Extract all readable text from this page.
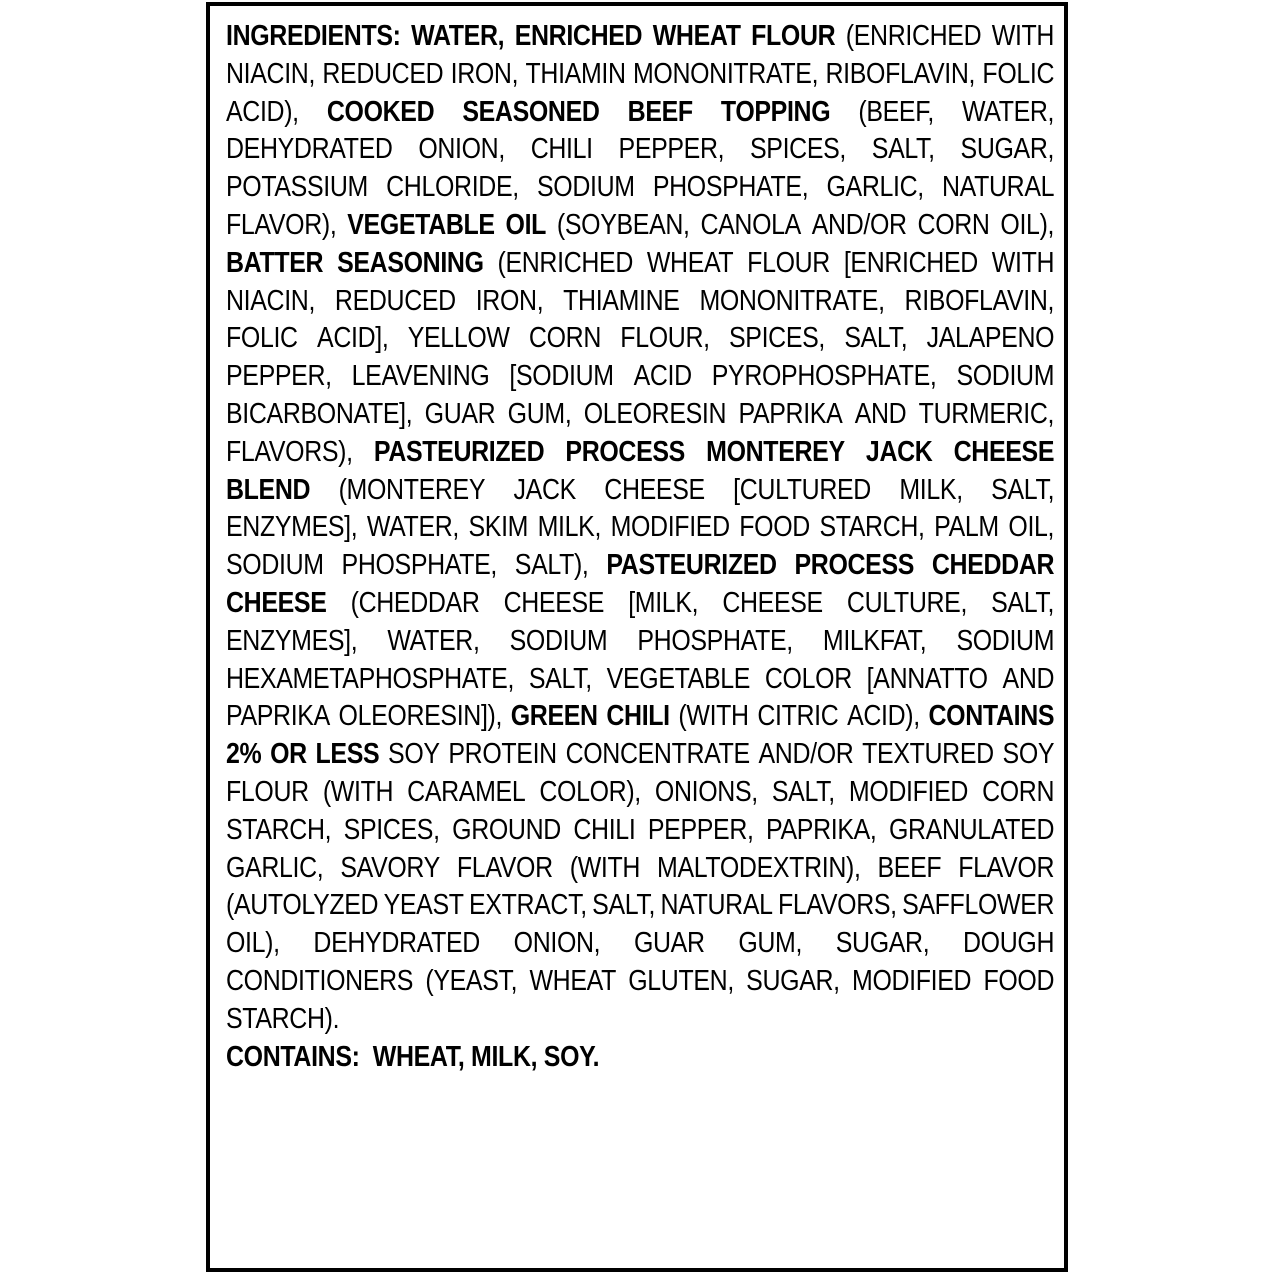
INGREDIENTS: WATER, ENRICHED WHEAT FLOUR (ENRICHED WITH
NIACIN, REDUCED IRON, THIAMIN MONONITRATE, RIBOFLAVIN, FOLIC
ACID), COOKED SEASONED BEEF TOPPING (BEEF, WATER,
DEHYDRATED ONION, CHILI PEPPER, SPICES, SALT, SUGAR,
POTASSIUM CHLORIDE, SODIUM PHOSPHATE, GARLIC, NATURAL
FLAVOR), VEGETABLE OIL (SOYBEAN, CANOLA AND/OR CORN OIL),
BATTER SEASONING (ENRICHED WHEAT FLOUR [ENRICHED WITH
NIACIN, REDUCED IRON, THIAMINE MONONITRATE, RIBOFLAVIN,
FOLIC ACID], YELLOW CORN FLOUR, SPICES, SALT, JALAPENO
PEPPER, LEAVENING [SODIUM ACID PYROPHOSPHATE, SODIUM
BICARBONATE], GUAR GUM, OLEORESIN PAPRIKA AND TURMERIC,
FLAVORS), PASTEURIZED PROCESS MONTEREY JACK CHEESE
BLEND (MONTEREY JACK CHEESE [CULTURED MILK, SALT,
ENZYMES], WATER, SKIM MILK, MODIFIED FOOD STARCH, PALM OIL,
SODIUM PHOSPHATE, SALT), PASTEURIZED PROCESS CHEDDAR
CHEESE (CHEDDAR CHEESE [MILK, CHEESE CULTURE, SALT,
ENZYMES], WATER, SODIUM PHOSPHATE, MILKFAT, SODIUM
HEXAMETAPHOSPHATE, SALT, VEGETABLE COLOR [ANNATTO AND
PAPRIKA OLEORESIN]), GREEN CHILI (WITH CITRIC ACID), CONTAINS
2% OR LESS SOY PROTEIN CONCENTRATE AND/OR TEXTURED SOY
FLOUR (WITH CARAMEL COLOR), ONIONS, SALT, MODIFIED CORN
STARCH, SPICES, GROUND CHILI PEPPER, PAPRIKA, GRANULATED
GARLIC, SAVORY FLAVOR (WITH MALTODEXTRIN), BEEF FLAVOR
(AUTOLYZED YEAST EXTRACT, SALT, NATURAL FLAVORS, SAFFLOWER
OIL), DEHYDRATED ONION, GUAR GUM, SUGAR, DOUGH
CONDITIONERS (YEAST, WHEAT GLUTEN, SUGAR, MODIFIED FOOD
STARCH).
CONTAINS:  WHEAT, MILK, SOY.
